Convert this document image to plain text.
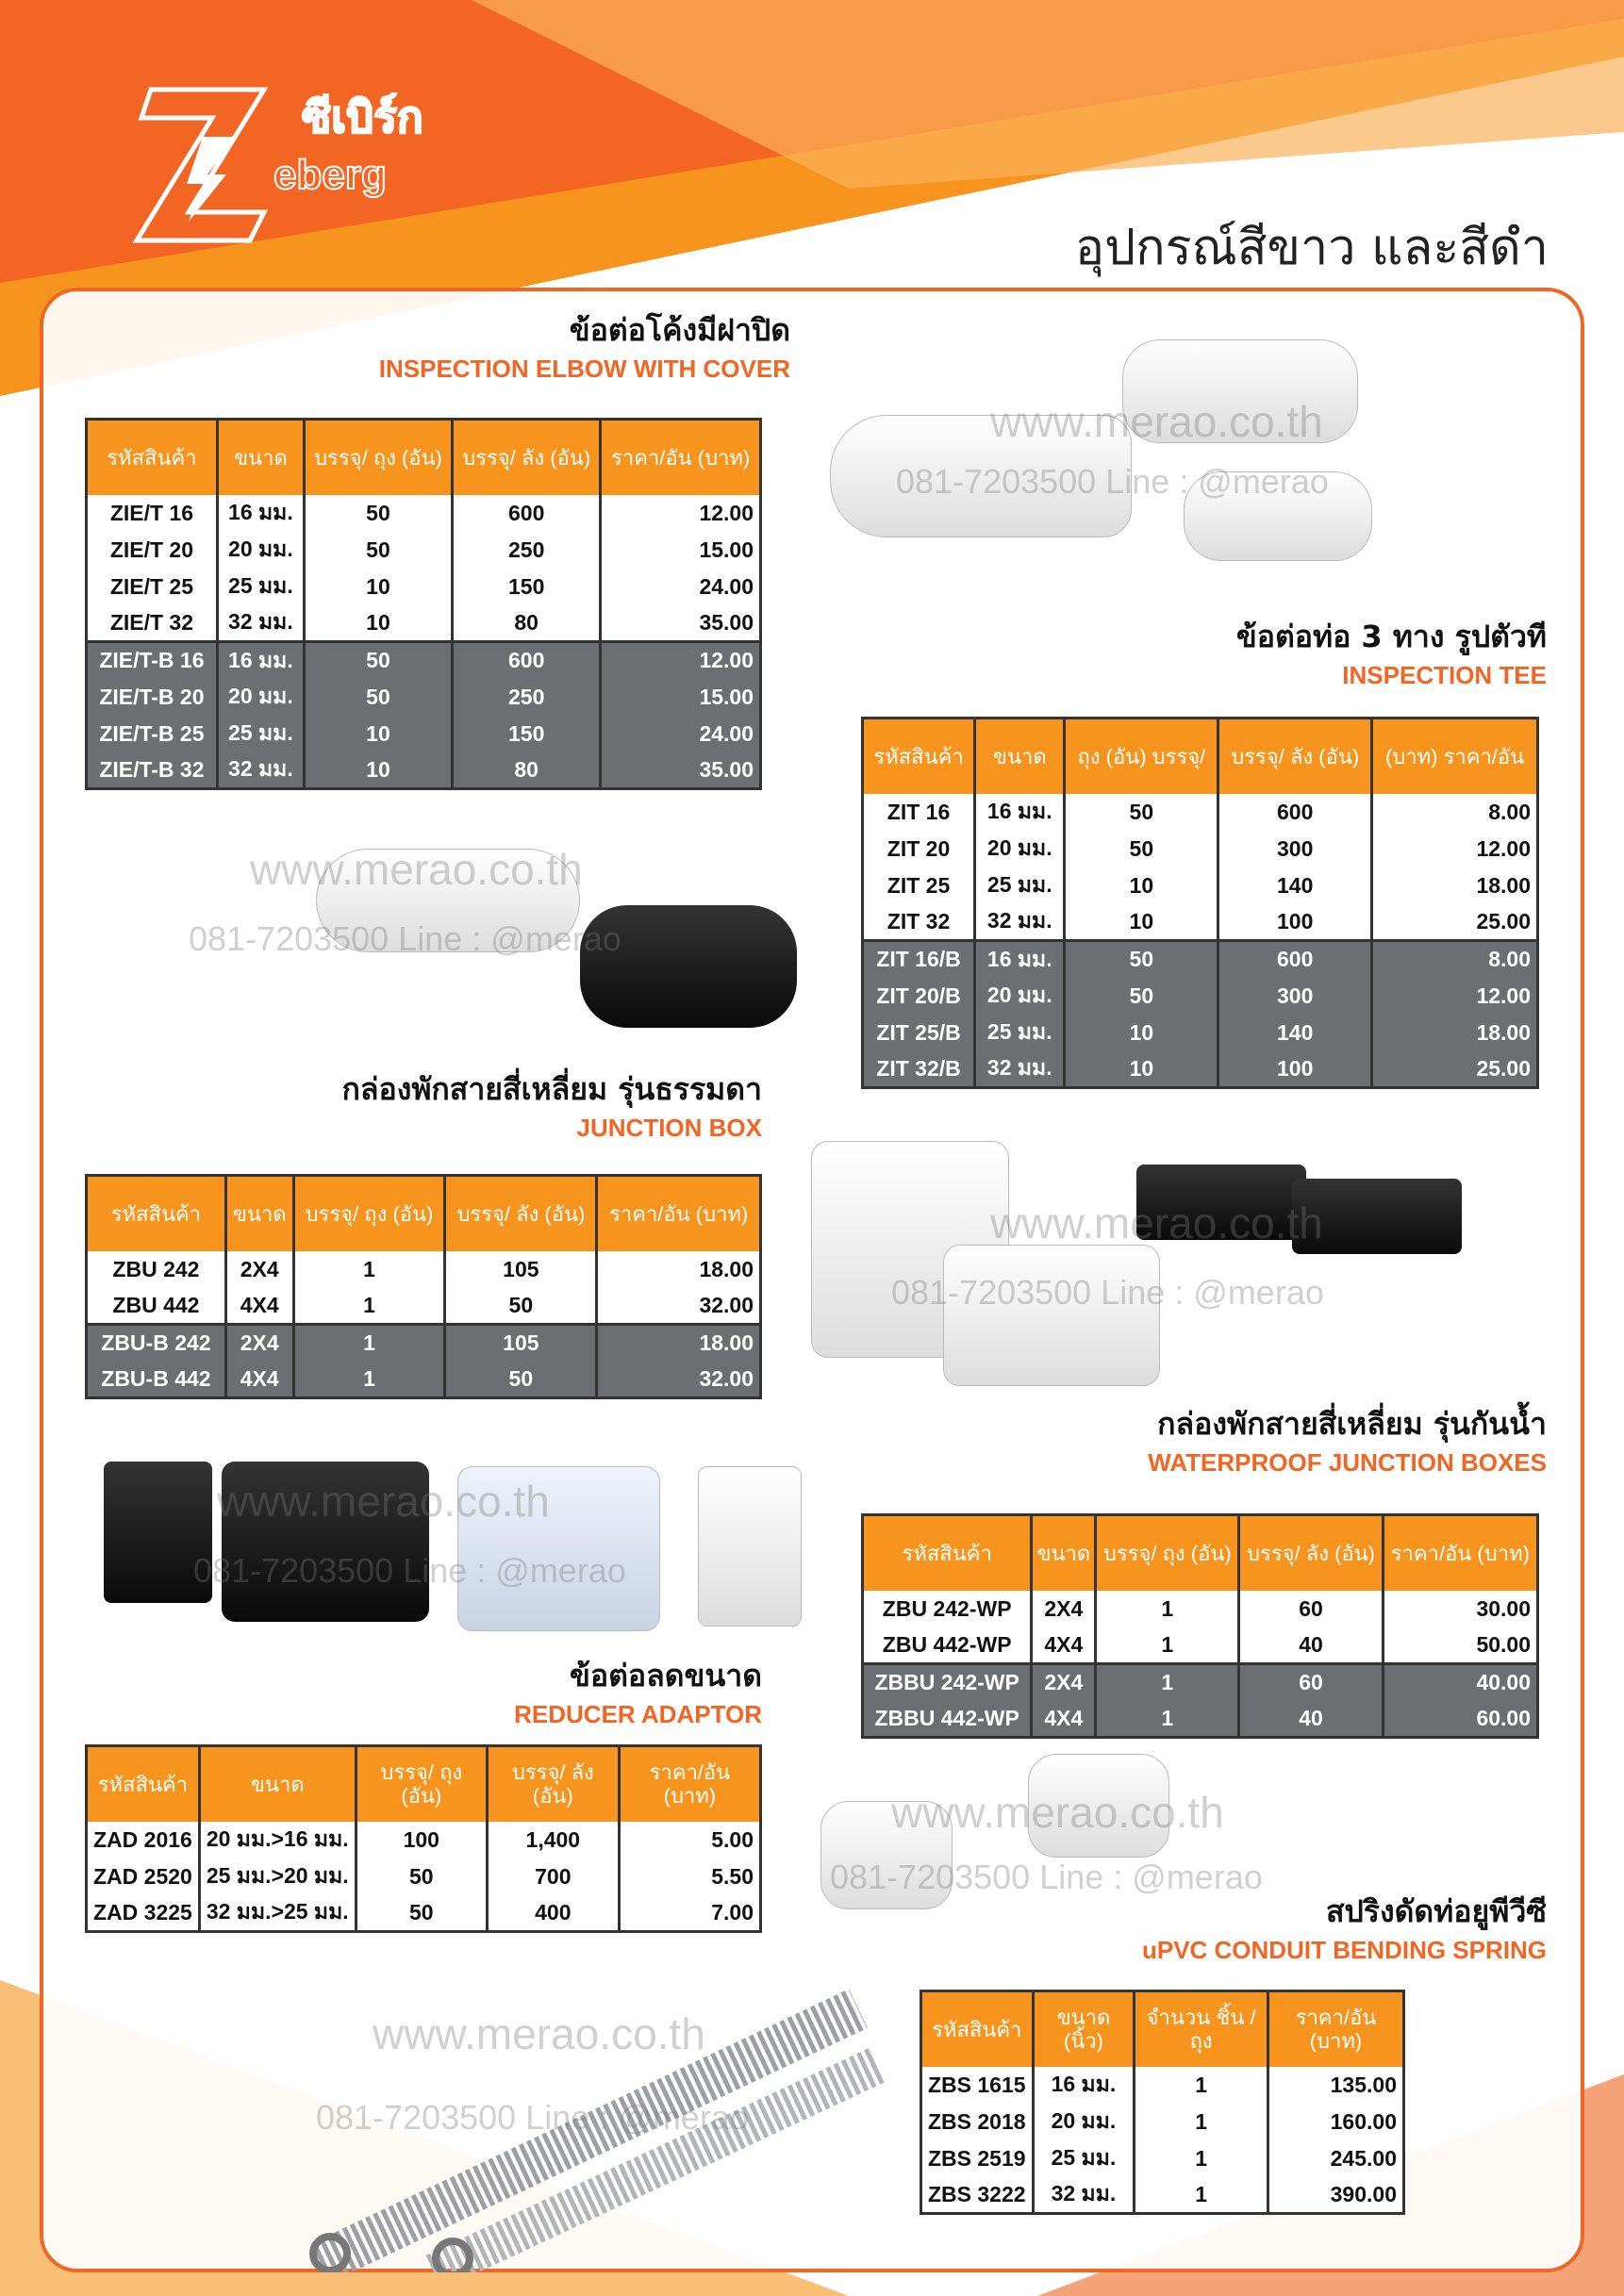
ซีเบิร์ก
eberg
อุปกรณ์สีขาว และสีดำ
www.merao.co.th
081-7203500 Line : @merao
www.merao.co.th
081-7203500 Line : @merao
www.merao.co.th
081-7203500 Line : @merao
www.merao.co.th
081-7203500 Line : @merao
www.merao.co.th
081-7203500 Line : @merao
www.merao.co.th
081-7203500 Line : @merao
ข้อต่อโค้งมีฝาปิด
INSPECTION ELBOW WITH COVER
ข้อต่อท่อ 3 ทาง รูปตัวที
INSPECTION TEE
กล่องพักสายสี่เหลี่ยม รุ่นธรรมดา
JUNCTION BOX
กล่องพักสายสี่เหลี่ยม รุ่นกันน้ำ
WATERPROOF JUNCTION BOXES
ข้อต่อลดขนาด
REDUCER ADAPTOR
สปริงดัดท่อยูพีวีซี
uPVC CONDUIT BENDING SPRING
รหัสสินค้า	ขนาด	บรรจุ/ ถุง (อัน)	บรรจุ/ ลัง (อัน)	ราคา/อัน (บาท)
ZIE/T 16	16 มม.	50	600	12.00
ZIE/T 20	20 มม.	50	250	15.00
ZIE/T 25	25 มม.	10	150	24.00
ZIE/T 32	32 มม.	10	80	35.00
ZIE/T-B 16	16 มม.	50	600	12.00
ZIE/T-B 20	20 มม.	50	250	15.00
ZIE/T-B 25	25 มม.	10	150	24.00
ZIE/T-B 32	32 มม.	10	80	35.00
รหัสสินค้า	ขนาด	ถุง (อัน) บรรจุ/	บรรจุ/ ลัง (อัน)	(บาท) ราคา/อัน
ZIT 16	16 มม.	50	600	8.00
ZIT 20	20 มม.	50	300	12.00
ZIT 25	25 มม.	10	140	18.00
ZIT 32	32 มม.	10	100	25.00
ZIT 16/B	16 มม.	50	600	8.00
ZIT 20/B	20 มม.	50	300	12.00
ZIT 25/B	25 มม.	10	140	18.00
ZIT 32/B	32 มม.	10	100	25.00
รหัสสินค้า	ขนาด	บรรจุ/ ถุง (อัน)	บรรจุ/ ลัง (อัน)	ราคา/อัน (บาท)
ZBU 242	2X4	1	105	18.00
ZBU 442	4X4	1	50	32.00
ZBU-B 242	2X4	1	105	18.00
ZBU-B 442	4X4	1	50	32.00
รหัสสินค้า	ขนาด	บรรจุ/ ถุง (อัน)	บรรจุ/ ลัง (อัน)	ราคา/อัน (บาท)
ZBU 242-WP	2X4	1	60	30.00
ZBU 442-WP	4X4	1	40	50.00
ZBBU 242-WP	2X4	1	60	40.00
ZBBU 442-WP	4X4	1	40	60.00
รหัสสินค้า	ขนาด	บรรจุ/ ถุง (อัน)	บรรจุ/ ลัง (อัน)	ราคา/อัน (บาท)
ZAD 2016	20 มม.>16 มม.	100	1,400	5.00
ZAD 2520	25 มม.>20 มม.	50	700	5.50
ZAD 3225	32 มม.>25 มม.	50	400	7.00
รหัสสินค้า	ขนาด (นิ้ว)	จำนวน ชิ้น / ถุง	ราคา/อัน (บาท)
ZBS 1615	16 มม.	1	135.00
ZBS 2018	20 มม.	1	160.00
ZBS 2519	25 มม.	1	245.00
ZBS 3222	32 มม.	1	390.00
